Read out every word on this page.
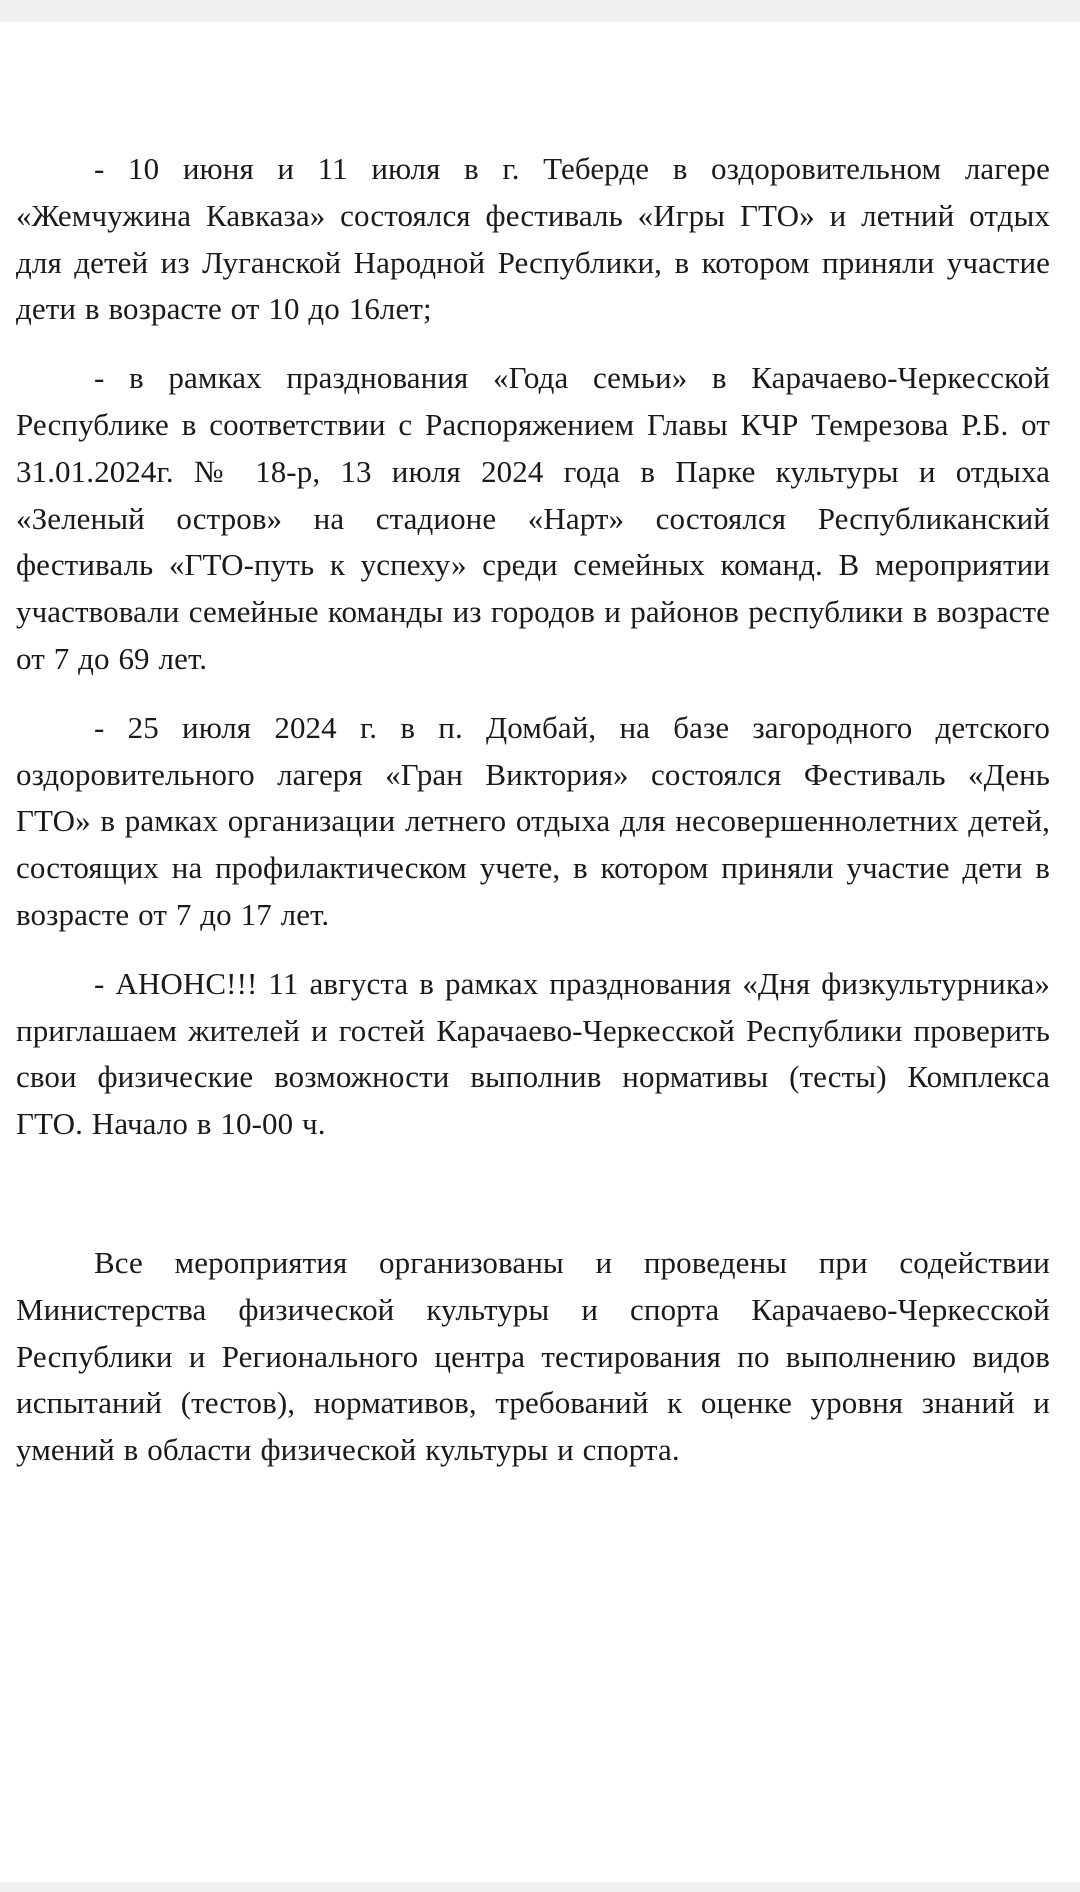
- 10 июня и 11 июля в г. Теберде в оздоровительном лагере «Жемчужина Кавказа» состоялся фестиваль «Игры ГТО» и летний отдых для детей из Луганской Народной Республики, в котором приняли участие дети в возрасте от 10 до 16лет;

- в рамках празднования «Года семьи» в Карачаево-Черкесской Республике в соответствии с Распоряжением Главы КЧР Темрезова Р.Б. от 31.01.2024г. № 18-р, 13 июля 2024 года в Парке культуры и отдыха «Зеленый остров» на стадионе «Нарт» состоялся Республиканский фестиваль «ГТО-путь к успеху» среди семейных команд. В мероприятии участвовали семейные команды из городов и районов республики в возрасте от 7 до 69 лет.

- 25 июля 2024 г. в п. Домбай, на базе загородного детского оздоровительного лагеря «Гран Виктория» состоялся Фестиваль «День ГТО» в рамках организации летнего отдыха для несовершеннолетних детей, состоящих на профилактическом учете, в котором приняли участие дети в возрасте от 7 до 17 лет.

- АНОНС!!! 11 августа в рамках празднования «Дня физкультурника» приглашаем жителей и гостей Карачаево-Черкесской Республики проверить свои физические возможности выполнив нормативы (тесты) Комплекса ГТО. Начало в 10-00 ч.

Все мероприятия организованы и проведены при содействии Министерства физической культуры и спорта Карачаево-Черкесской Республики и Регионального центра тестирования по выполнению видов испытаний (тестов), нормативов, требований к оценке уровня знаний и умений в области физической культуры и спорта.
